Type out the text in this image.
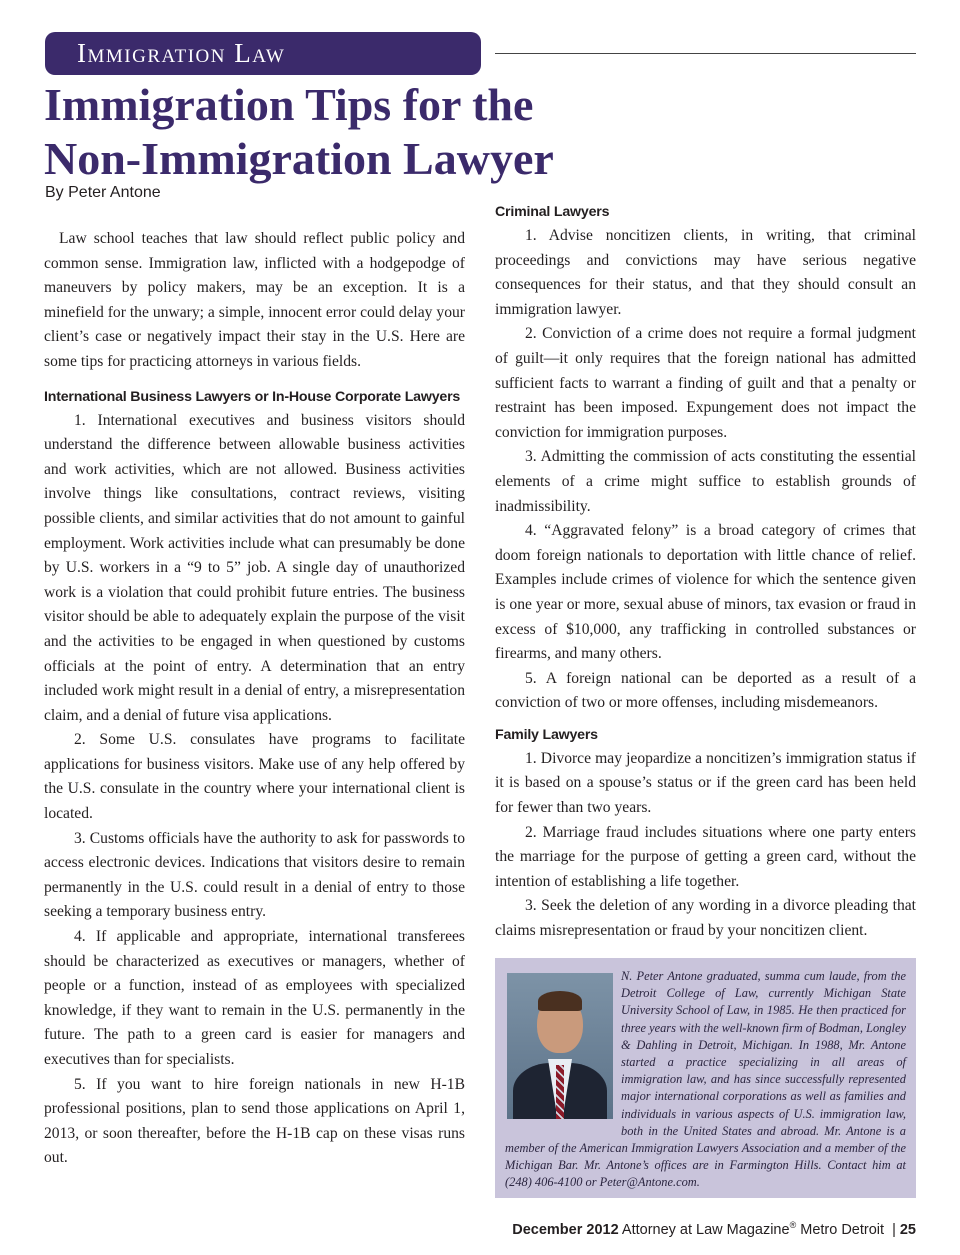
Immigration Law
Immigration Tips for the
Non-Immigration Lawyer

By Peter Antone

Law school teaches that law should reflect public policy and common sense. Immigration law, inflicted with a hodgepodge of maneuvers by policy makers, may be an exception. It is a minefield for the unwary; a simple, innocent error could delay your client’s case or negatively impact their stay in the U.S. Here are some tips for practicing attorneys in various fields.

International Business Lawyers or In-House Corporate Lawyers

1. International executives and business visitors should understand the difference between allowable business activities and work activities, which are not allowed. Business activities involve things like consultations, contract reviews, visiting possible clients, and similar activities that do not amount to gainful employment. Work activities include what can presumably be done by U.S. workers in a “9 to 5” job. A single day of unauthorized work is a violation that could prohibit future entries. The business visitor should be able to adequately explain the purpose of the visit and the activities to be engaged in when questioned by customs officials at the point of entry. A determination that an entry included work might result in a denial of entry, a misrepresentation claim, and a denial of future visa applications.

2. Some U.S. consulates have programs to facilitate applications for business visitors. Make use of any help offered by the U.S. consulate in the country where your international client is located.

3. Customs officials have the authority to ask for passwords to access electronic devices. Indications that visitors desire to remain permanently in the U.S. could result in a denial of entry to those seeking a temporary business entry.

4. If applicable and appropriate, international transferees should be characterized as executives or managers, whether of people or a function, instead of as employees with specialized knowledge, if they want to remain in the U.S. permanently in the future. The path to a green card is easier for managers and executives than for specialists.

5. If you want to hire foreign nationals in new H-1B professional positions, plan to send those applications on April 1, 2013, or soon thereafter, before the H-1B cap on these visas runs out.

Criminal Lawyers

1. Advise noncitizen clients, in writing, that criminal proceedings and convictions may have serious negative consequences for their status, and that they should consult an immigration lawyer.

2. Conviction of a crime does not require a formal judgment of guilt—it only requires that the foreign national has admitted sufficient facts to warrant a finding of guilt and that a penalty or restraint has been imposed. Expungement does not impact the conviction for immigration purposes.

3. Admitting the commission of acts constituting the essential elements of a crime might suffice to establish grounds of inadmissibility.

4. “Aggravated felony” is a broad category of crimes that doom foreign nationals to deportation with little chance of relief. Examples include crimes of violence for which the sentence given is one year or more, sexual abuse of minors, tax evasion or fraud in excess of $10,000, any trafficking in controlled substances or firearms, and many others.

5. A foreign national can be deported as a result of a conviction of two or more offenses, including misdemeanors.

Family Lawyers

1. Divorce may jeopardize a noncitizen’s immigration status if it is based on a spouse’s status or if the green card has been held for fewer than two years.

2. Marriage fraud includes situations where one party enters the marriage for the purpose of getting a green card, without the intention of establishing a life together.

3. Seek the deletion of any wording in a divorce pleading that claims misrepresentation or fraud by your noncitizen client.

N. Peter Antone graduated, summa cum laude, from the Detroit College of Law, currently Michigan State University School of Law, in 1985. He then practiced for three years with the well-known firm of Bodman, Longley & Dahling in Detroit, Michigan. In 1988, Mr. Antone started a practice specializing in all areas of immigration law, and has since successfully represented major international corporations as well as families and individuals in various aspects of U.S. immigration law, both in the United States and abroad. Mr. Antone is a member of the American Immigration Lawyers Association and a member of the Michigan Bar. Mr. Antone’s offices are in Farmington Hills. Contact him at (248) 406-4100 or Peter@Antone.com.

December 2012 Attorney at Law Magazine® Metro Detroit | 25
